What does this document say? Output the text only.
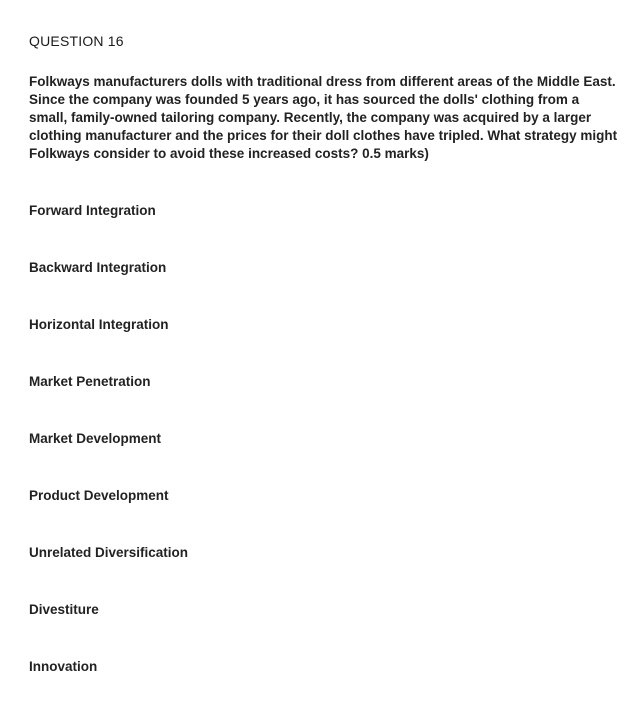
QUESTION 16
Folkways manufacturers dolls with traditional dress from different areas of the Middle East. Since the company was founded 5 years ago, it has sourced the dolls' clothing from a small, family-owned tailoring company. Recently, the company was acquired by a larger clothing manufacturer and the prices for their doll clothes have tripled. What strategy might Folkways consider to avoid these increased costs? 0.5 marks)
Forward Integration
Backward Integration
Horizontal Integration
Market Penetration
Market Development
Product Development
Unrelated Diversification
Divestiture
Innovation
